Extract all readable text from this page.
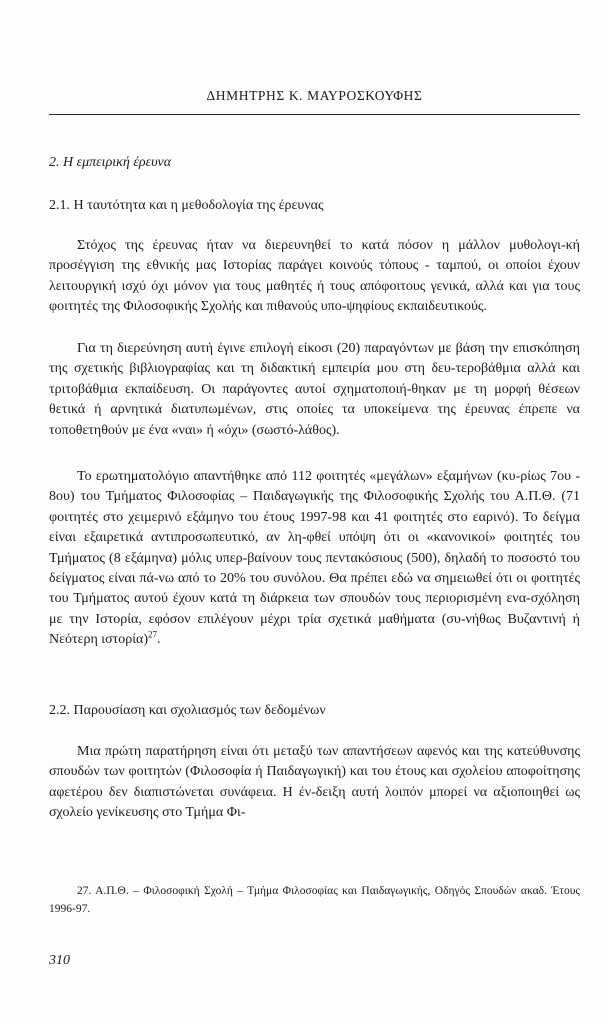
ΔΗΜΗΤΡΗΣ Κ. ΜΑΥΡΟΣΚΟΥΦΗΣ
2. Η εμπειρική έρευνα
2.1. Η ταυτότητα και η μεθοδολογία της έρευνας

Στόχος της έρευνας ήταν να διερευνηθεί το κατά πόσον η μάλλον μυθολογι-κή προσέγγιση της εθνικής μας Ιστορίας παράγει κοινούς τόπους - ταμπού, οι οποίοι έχουν λειτουργική ισχύ όχι μόνον για τους μαθητές ή τους απόφοιτους γενικά, αλλά και για τους φοιτητές της Φιλοσοφικής Σχολής και πιθανούς υπο-ψηφίους εκπαιδευτικούς.

Για τη διερεύνηση αυτή έγινε επιλογή είκοσι (20) παραγόντων με βάση την επισκόπηση της σχετικής βιβλιογραφίας και τη διδακτική εμπειρία μου στη δευ-τεροβάθμια αλλά και τριτοβάθμια εκπαίδευση. Οι παράγοντες αυτοί σχηματοποιή-θηκαν με τη μορφή θέσεων θετικά ή αρνητικά διατυπωμένων, στις οποίες τα υποκείμενα της έρευνας έπρεπε να τοποθετηθούν με ένα «ναι» ή «όχι» (σωστό-λάθος).

Το ερωτηματολόγιο απαντήθηκε από 112 φοιτητές «μεγάλων» εξαμήνων (κυ-ρίως 7ου - 8ου) του Τμήματος Φιλοσοφίας – Παιδαγωγικής της Φιλοσοφικής Σχολής του Α.Π.Θ. (71 φοιτητές στο χειμερινό εξάμηνο του έτους 1997-98 και 41 φοιτητές στο εαρινό). Το δείγμα είναι εξαιρετικά αντιπροσωπευτικό, αν λη-φθεί υπόψη ότι οι «κανονικοί» φοιτητές του Τμήματος (8 εξάμηνα) μόλις υπερ-βαίνουν τους πεντακόσιους (500), δηλαδή το ποσοστό του δείγματος είναι πά-νω από το 20% του συνόλου. Θα πρέπει εδώ να σημειωθεί ότι οι φοιτητές του Τμήματος αυτού έχουν κατά τη διάρκεια των σπουδών τους περιορισμένη ενα-σχόληση με την Ιστορία, εφόσον επιλέγουν μέχρι τρία σχετικά μαθήματα (συ-νήθως Βυζαντινή ή Νεότερη ιστορία)$^{27}$.

2.2. Παρουσίαση και σχολιασμός των δεδομένων

Μια πρώτη παρατήρηση είναι ότι μεταξύ των απαντήσεων αφενός και της κατεύθυνσης σπουδών των φοιτητών (Φιλοσοφία ή Παιδαγωγική) και του έτους και σχολείου αποφοίτησης αφετέρου δεν διαπιστώνεται συνάφεια. Η έν-δειξη αυτή λοιπόν μπορεί να αξιοποιηθεί ως σχολείο γενίκευσης στο Τμήμα Φι-

27. Α.Π.Θ. – Φιλοσοφική Σχολή – Τμήμα Φιλοσοφίας και Παιδαγωγικής, Οδηγός Σπουδών ακαδ. Έτους 1996-97.
310
